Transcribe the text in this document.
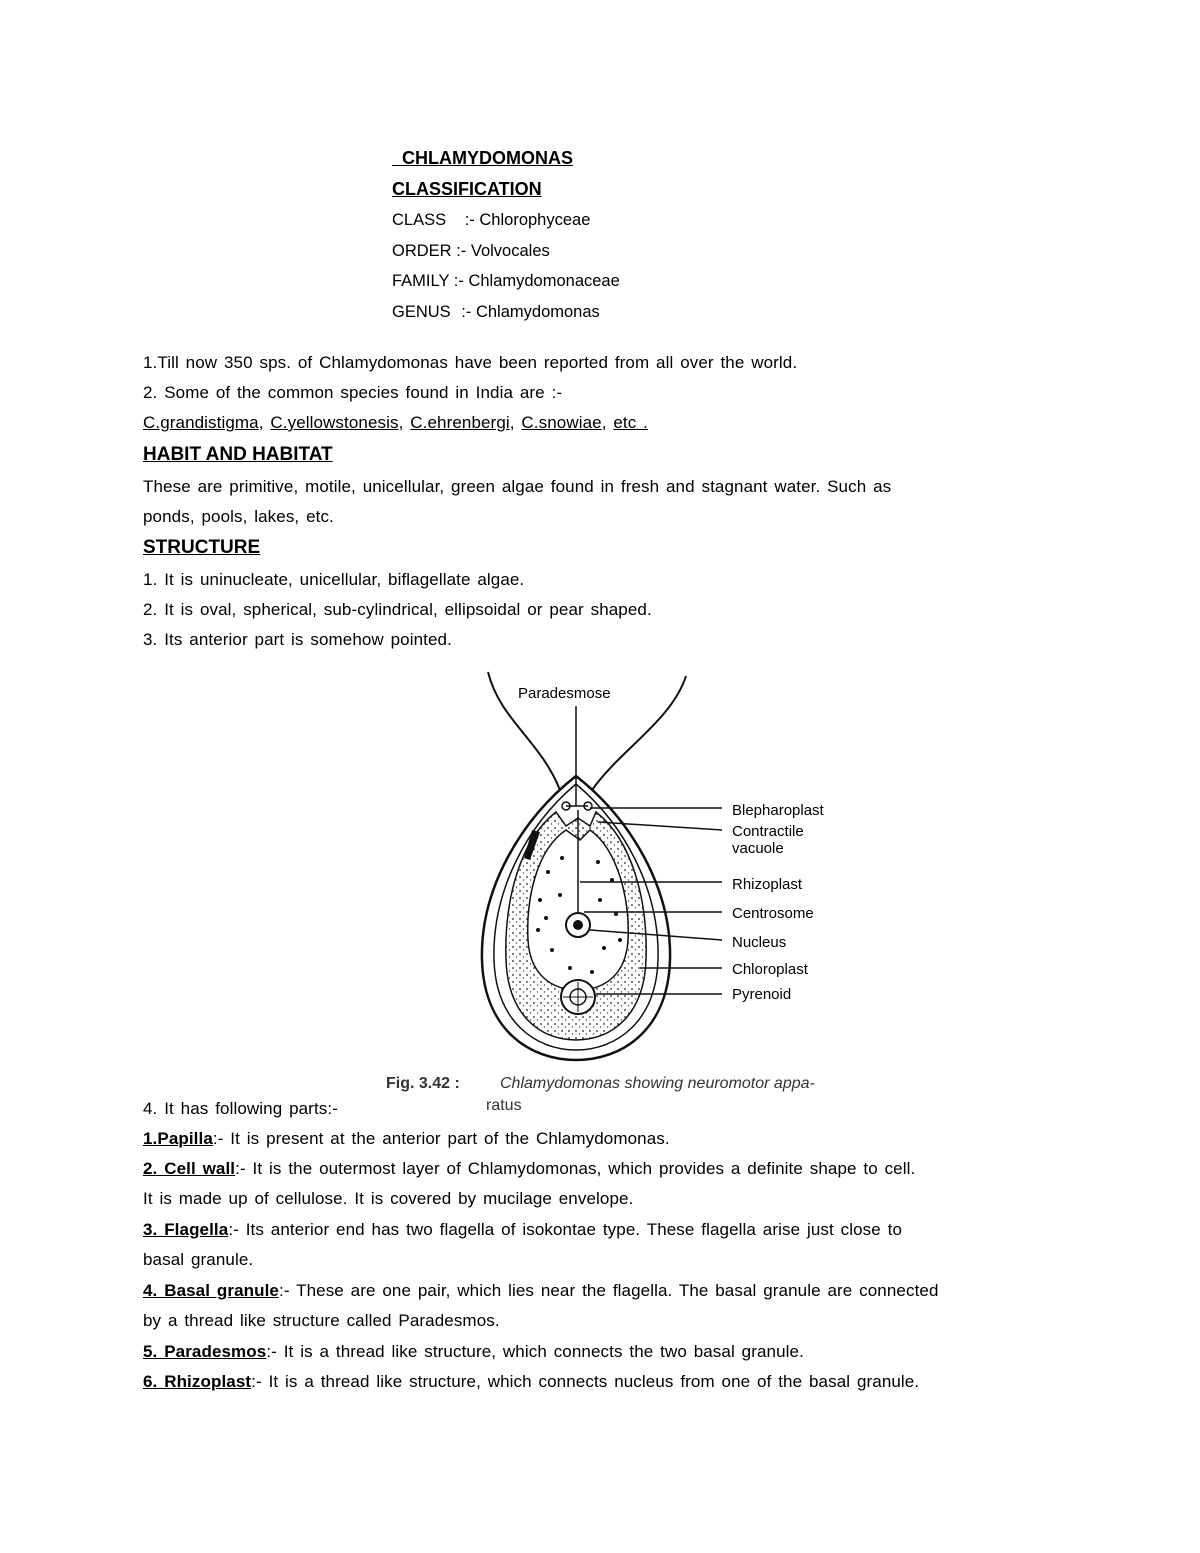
CHLAMYDOMONAS
CLASSIFICATION
CLASS :- Chlorophyceae
ORDER :- Volvocales
FAMILY :- Chlamydomonaceae
GENUS :- Chlamydomonas
1.Till now 350 sps. of Chlamydomonas have been reported from all over the world.
2. Some of the common species found in India are :-
C.grandistigma, C.yellowstonesis, C.ehrenbergi, C.snowiae, etc .
HABIT AND HABITAT
These are primitive, motile, unicellular, green algae found in fresh and stagnant water. Such as
ponds, pools, lakes, etc.
STRUCTURE
1. It is uninucleate, unicellular, biflagellate algae.
2. It is oval, spherical, sub-cylindrical, ellipsoidal or pear shaped.
3. Its anterior part is somehow pointed.
Paradesmose
Blepharoplast
Contractile
vacuole
Rhizoplast
Centrosome
Nucleus
Chloroplast
Pyrenoid
Fig. 3.42 :	Chlamydomonas showing neuromotor appa-
ratus
4. It has following parts:-
1.Papilla:- It is present at the anterior part of the Chlamydomonas.
2. Cell wall:- It is the outermost layer of Chlamydomonas, which provides a definite shape to cell.
It is made up of cellulose. It is covered by mucilage envelope.
3. Flagella:- Its anterior end has two flagella of isokontae type. These flagella arise just close to
basal granule.
4. Basal granule:- These are one pair, which lies near the flagella. The basal granule are connected
by a thread like structure called Paradesmos.
5. Paradesmos:- It is a thread like structure, which connects the two basal granule.
6. Rhizoplast:- It is a thread like structure, which connects nucleus from one of the basal granule.
